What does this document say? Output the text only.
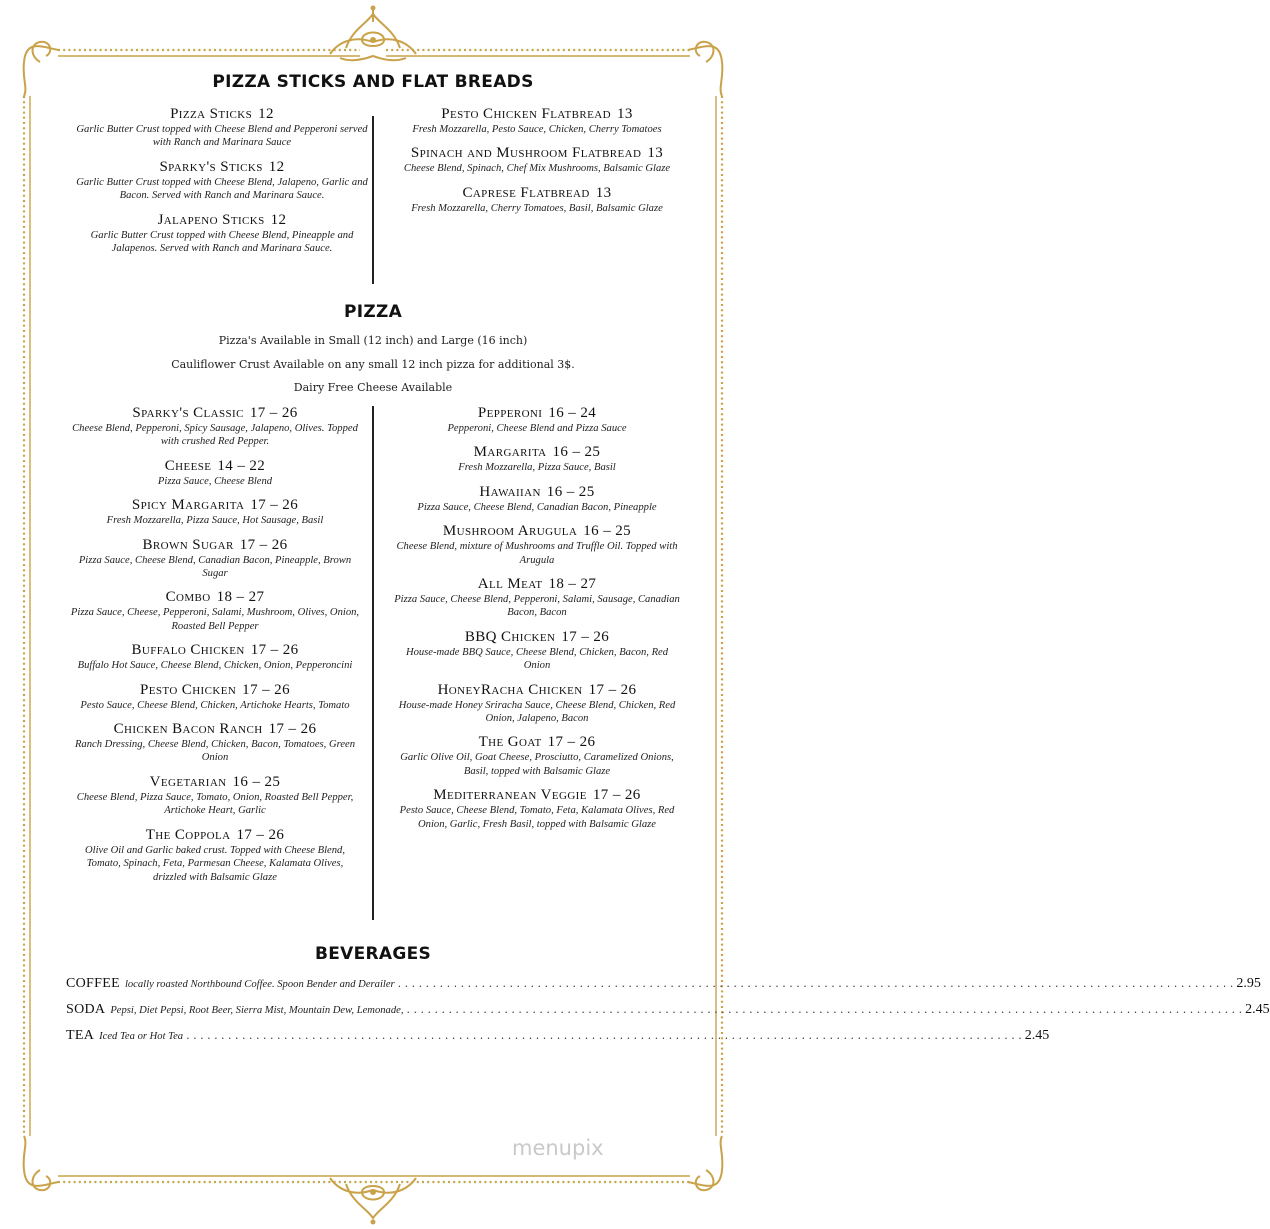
PIZZA STICKS AND FLAT BREADS
Pizza Sticks 12
Garlic Butter Crust topped with Cheese Blend and Pepperoni served with Ranch and Marinara Sauce
Sparky's Sticks 12
Garlic Butter Crust topped with Cheese Blend, Jalapeno, Garlic and Bacon. Served with Ranch and Marinara Sauce.
Jalapeno Sticks 12
Garlic Butter Crust topped with Cheese Blend, Pineapple and Jalapenos. Served with Ranch and Marinara Sauce.
Pesto Chicken Flatbread 13
Fresh Mozzarella, Pesto Sauce, Chicken, Cherry Tomatoes
Spinach and Mushroom Flatbread 13
Cheese Blend, Spinach, Chef Mix Mushrooms, Balsamic Glaze
Caprese Flatbread 13
Fresh Mozzarella, Cherry Tomatoes, Basil, Balsamic Glaze
PIZZA
Pizza's Available in Small (12 inch) and Large (16 inch)
Cauliflower Crust Available on any small 12 inch pizza for additional 3$.
Dairy Free Cheese Available
Sparky's Classic 17 – 26
Cheese Blend, Pepperoni, Spicy Sausage, Jalapeno, Olives. Topped with crushed Red Pepper.
Cheese 14 – 22
Pizza Sauce, Cheese Blend
Spicy Margarita 17 – 26
Fresh Mozzarella, Pizza Sauce, Hot Sausage, Basil
Brown Sugar 17 – 26
Pizza Sauce, Cheese Blend, Canadian Bacon, Pineapple, Brown Sugar
Combo 18 – 27
Pizza Sauce, Cheese, Pepperoni, Salami, Mushroom, Olives, Onion, Roasted Bell Pepper
Buffalo Chicken 17 – 26
Buffalo Hot Sauce, Cheese Blend, Chicken, Onion, Pepperoncini
Pesto Chicken 17 – 26
Pesto Sauce, Cheese Blend, Chicken, Artichoke Hearts, Tomato
Chicken Bacon Ranch 17 – 26
Ranch Dressing, Cheese Blend, Chicken, Bacon, Tomatoes, Green Onion
Vegetarian 16 – 25
Cheese Blend, Pizza Sauce, Tomato, Onion, Roasted Bell Pepper, Artichoke Heart, Garlic
The Coppola 17 – 26
Olive Oil and Garlic baked crust. Topped with Cheese Blend, Tomato, Spinach, Feta, Parmesan Cheese, Kalamata Olives, drizzled with Balsamic Glaze
Pepperoni 16 – 24
Pepperoni, Cheese Blend and Pizza Sauce
Margarita 16 – 25
Fresh Mozzarella, Pizza Sauce, Basil
Hawaiian 16 – 25
Pizza Sauce, Cheese Blend, Canadian Bacon, Pineapple
Mushroom Arugula 16 – 25
Cheese Blend, mixture of Mushrooms and Truffle Oil. Topped with Arugula
All Meat 18 – 27
Pizza Sauce, Cheese Blend, Pepperoni, Salami, Sausage, Canadian Bacon, Bacon
BBQ Chicken 17 – 26
House-made BBQ Sauce, Cheese Blend, Chicken, Bacon, Red Onion
HoneyRacha Chicken 17 – 26
House-made Honey Sriracha Sauce, Cheese Blend, Chicken, Red Onion, Jalapeno, Bacon
The Goat 17 – 26
Garlic Olive Oil, Goat Cheese, Prosciutto, Caramelized Onions, Basil, topped with Balsamic Glaze
Mediterranean Veggie 17 – 26
Pesto Sauce, Cheese Blend, Tomato, Feta, Kalamata Olives, Red Onion, Garlic, Fresh Basil, topped with Balsamic Glaze
BEVERAGES
COFFEE locally roasted Northbound Coffee. Spoon Bender and Derailer . . . . . . . . . . . . . . . . . . . . . . . . . . . . . . . . . . . . . . . . . . . . . . . . . . . . . . . . . . . . . . . . . . . . . . . . . . . . . . . . . . . . . . . . . . . . . . . . . . . . . . . . . . . . . . . . . . . . . . . . 2.95
SODA Pepsi, Diet Pepsi, Root Beer, Sierra Mist, Mountain Dew, Lemonade, . . . . . . . . . . . . . . . . . . . . . . . . . . . . . . . . . . . . . . . . . . . . . . . . . . . . . . . . . . . . . . . . . . . . . . . . . . . . . . . . . . . . . . . . . . . . . . . . . . . . . . . . . . . . . . . . . . . . . . . . 2.45
TEA Iced Tea or Hot Tea . . . . . . . . . . . . . . . . . . . . . . . . . . . . . . . . . . . . . . . . . . . . . . . . . . . . . . . . . . . . . . . . . . . . . . . . . . . . . . . . . . . . . . . . . . . . . . . . . . . . . . . . . . . . . . . . . . . . . . . . 2.45
menupix
